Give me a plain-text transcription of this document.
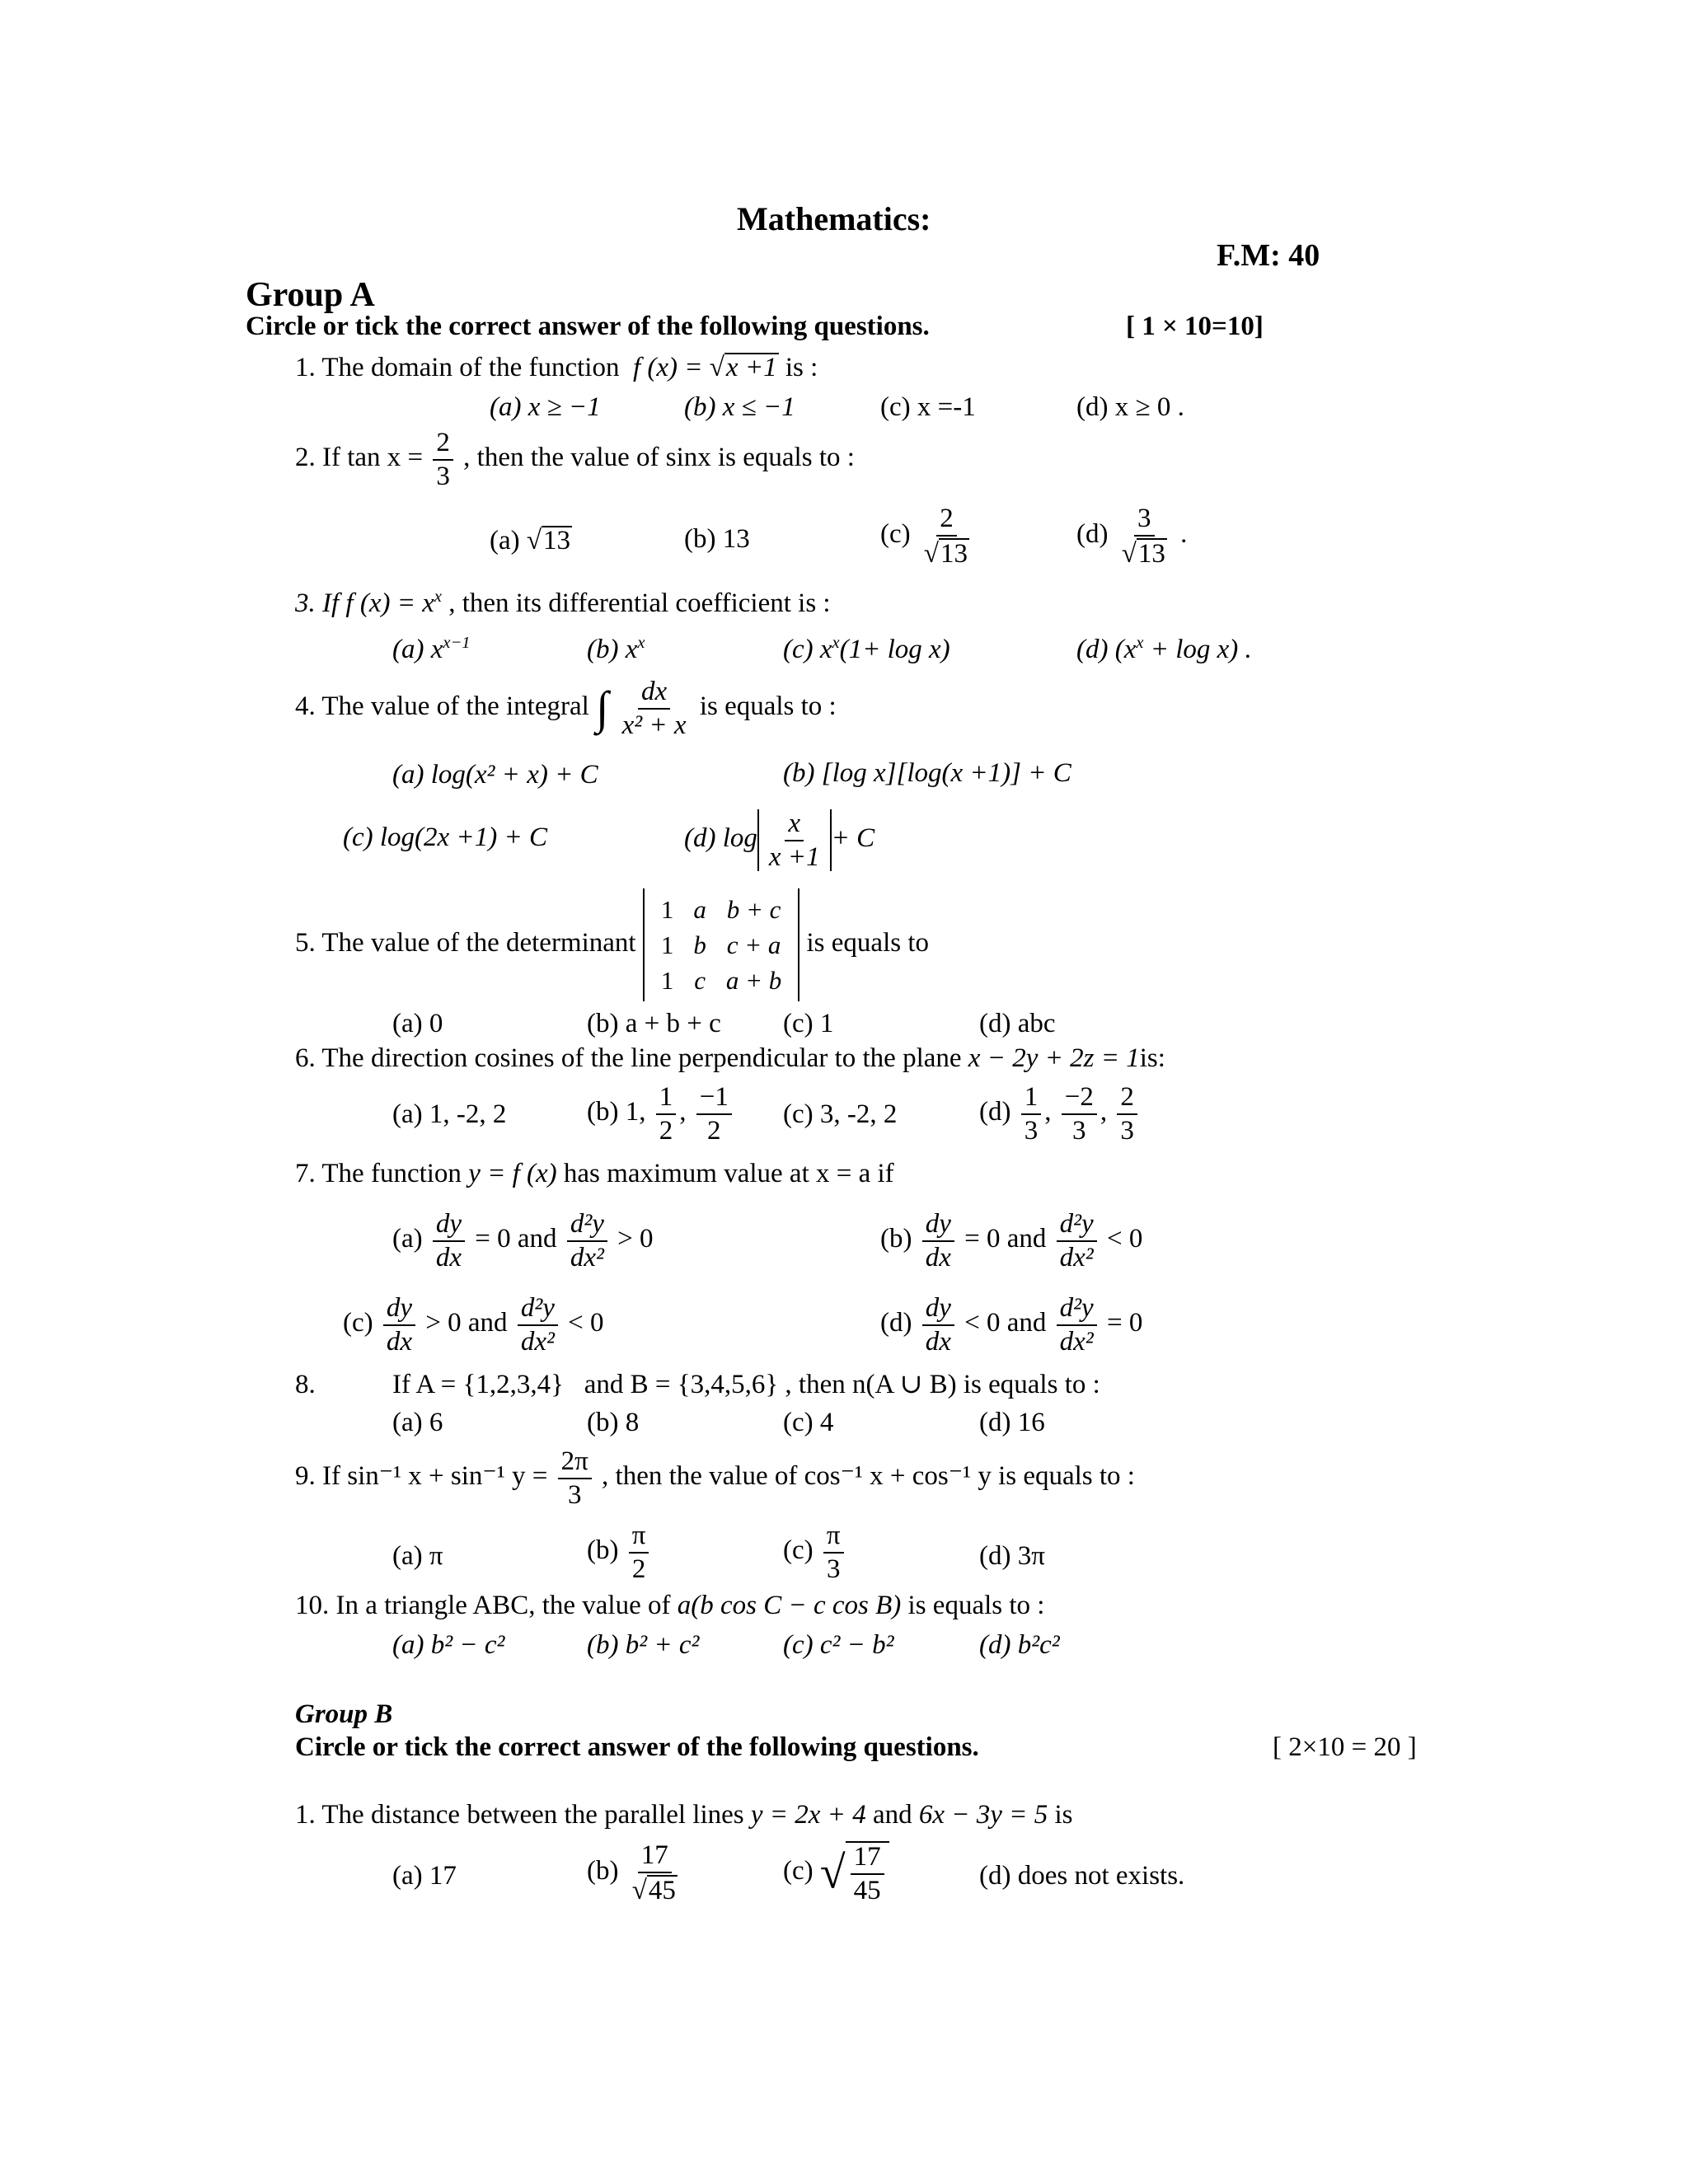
Mathematics:
F.M: 40
Group A
Circle or tick the correct answer of the following questions.	[ 1 × 10=10]
1. The domain of the function  f (x) = √x +1 is :
(a) x ≥ −1	(b) x ≤ −1	(c) x =-1	(d) x ≥ 0 .
2. If $\tan x = \frac{2}{3}$ , then the value of sinx is equals to :
(a) √13	(b) 13	$(c) \frac{2}{√13}$	$(d) \frac{3}{√13}$ .
3. If f $(x) = x^x$ , then its differential coefficient is :
(a) $x^{x-1}$	(b) $x^x$	(c) $x^x(1+ \log x)$	(d) $(x^x + \log x)$ .
4. The value of the integral ∫ $\frac{dx}{\text{x² + x}}$ is equals to :
(a) log(x² + x) + C	(b) [log x][log(x +1)] + C
(c) log(2x +1) + C	(d) $\log \frac{x}{x +1} + C$
5. The value of the determinant
1	a	b + c
1	b	c + a
1	c	a + b
is equals to
(a) 0	(b) a + b + c (c) 1	(d) abc
6. The direction cosines of the line perpendicular to the plane x − 2y + 2z = 1is:
(a) 1, -2, 2	(b) 1, $\frac{1}{2}$ , $\frac{-1}{2} (c)$ 3, -2, 2	$(d) \frac{1}{3}$ , $\frac{-2}{3}$ , $\frac{2}{3}$
7. The function y = f (x) has maximum value at x = a if
$(a) \frac{dy}{dx} = 0$ and $\frac{\text{d²y}}{\text{dx²}} > 0$	$(b) \frac{dy}{dx} = 0$ and $\frac{\text{d²y}}{\text{dx²}} < 0$
$(c) \frac{dy}{dx} > 0$ and $\frac{\text{d²y}}{\text{dx²}} < 0$	$(d) \frac{dy}{dx} < 0$ and $\frac{\text{d²y}}{\text{dx²}} = 0$
8.	If A = {1,2,3,4} and B = {3,4,5,6} , then n(A ∪ B) is equals to :
(a) 6	(b) 8	(c) 4	(d) 16
9. If sin⁻¹ x + sin⁻¹ $y = \frac{2\pi}{3}$ , then the value of cos⁻¹ x + cos⁻¹ y is equals to :
(a) π	$(b) \frac{\pi}{2}$	$(c) \frac{\pi}{3}$	(d) 3π
10. In a triangle ABC, the value of a(b cos C − c cos B) is equals to :
(a) b² − c²	(b) b² + c²	(c) c² − b²	(d) b²c²
Group B
Circle or tick the correct answer of the following questions.	[ 2×10 = 20 ]
1. The distance between the parallel lines y = 2x + 4 and 6x − 3y = 5 is
(a) 17	$(b) \frac{17}{√45}$	(c) √ $\frac{17}{45}$	(d) does not exists.
